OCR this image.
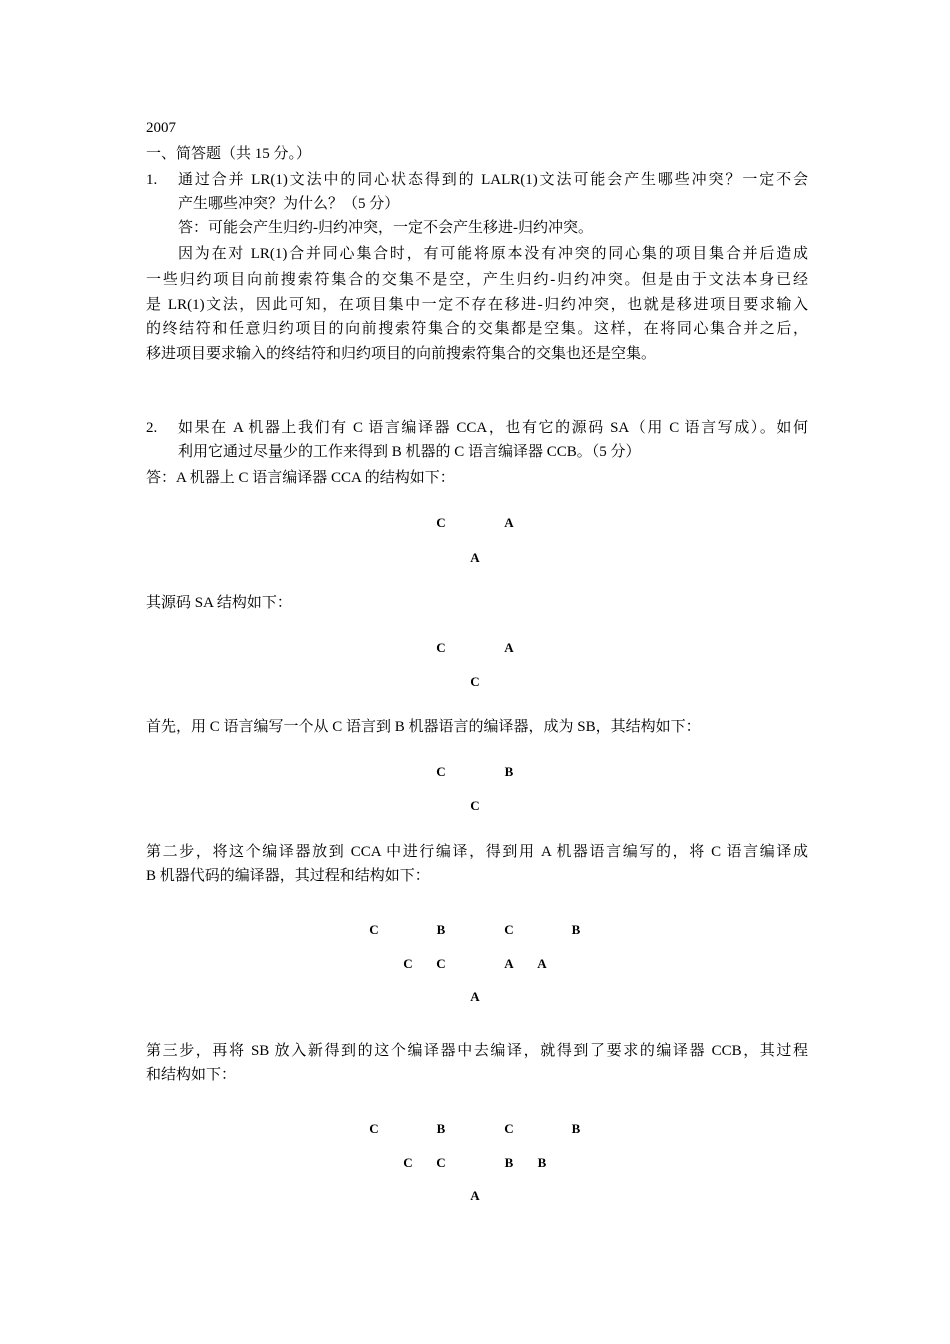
2007
一、简答题（共 15 分。）
1. 通过合并 LR(1)文法中的同心状态得到的 LALR(1)文法可能会产生哪些冲突？一定不会
产生哪些冲突？为什么？（5 分）
答：可能会产生归约-归约冲突，一定不会产生移进-归约冲突。
因为在对 LR(1)合并同心集合时，有可能将原本没有冲突的同心集的项目集合并后造成
一些归约项目向前搜索符集合的交集不是空，产生归约-归约冲突。但是由于文法本身已经
是 LR(1)文法，因此可知，在项目集中一定不存在移进-归约冲突，也就是移进项目要求输入
的终结符和任意归约项目的向前搜索符集合的交集都是空集。这样，在将同心集合并之后，
移进项目要求输入的终结符和归约项目的向前搜索符集合的交集也还是空集。
2. 如果在 A 机器上我们有 C 语言编译器 CCA，也有它的源码 SA（用 C 语言写成）。如何
利用它通过尽量少的工作来得到 B 机器的 C 语言编译器 CCB。（5 分）
答：A 机器上 C 语言编译器 CCA 的结构如下：
C	A
A
其源码 SA 结构如下：
C	A
C
首先，用 C 语言编写一个从 C 语言到 B 机器语言的编译器，成为 SB，其结构如下：
C	B
C
第二步，将这个编译器放到 CCA 中进行编译，得到用 A 机器语言编写的，将 C 语言编译成
B 机器代码的编译器，其过程和结构如下：
C	B	C	B
C C	A A
A
第三步，再将 SB 放入新得到的这个编译器中去编译，就得到了要求的编译器 CCB，其过程
和结构如下：
C	B	C	B
C C	B B
A
